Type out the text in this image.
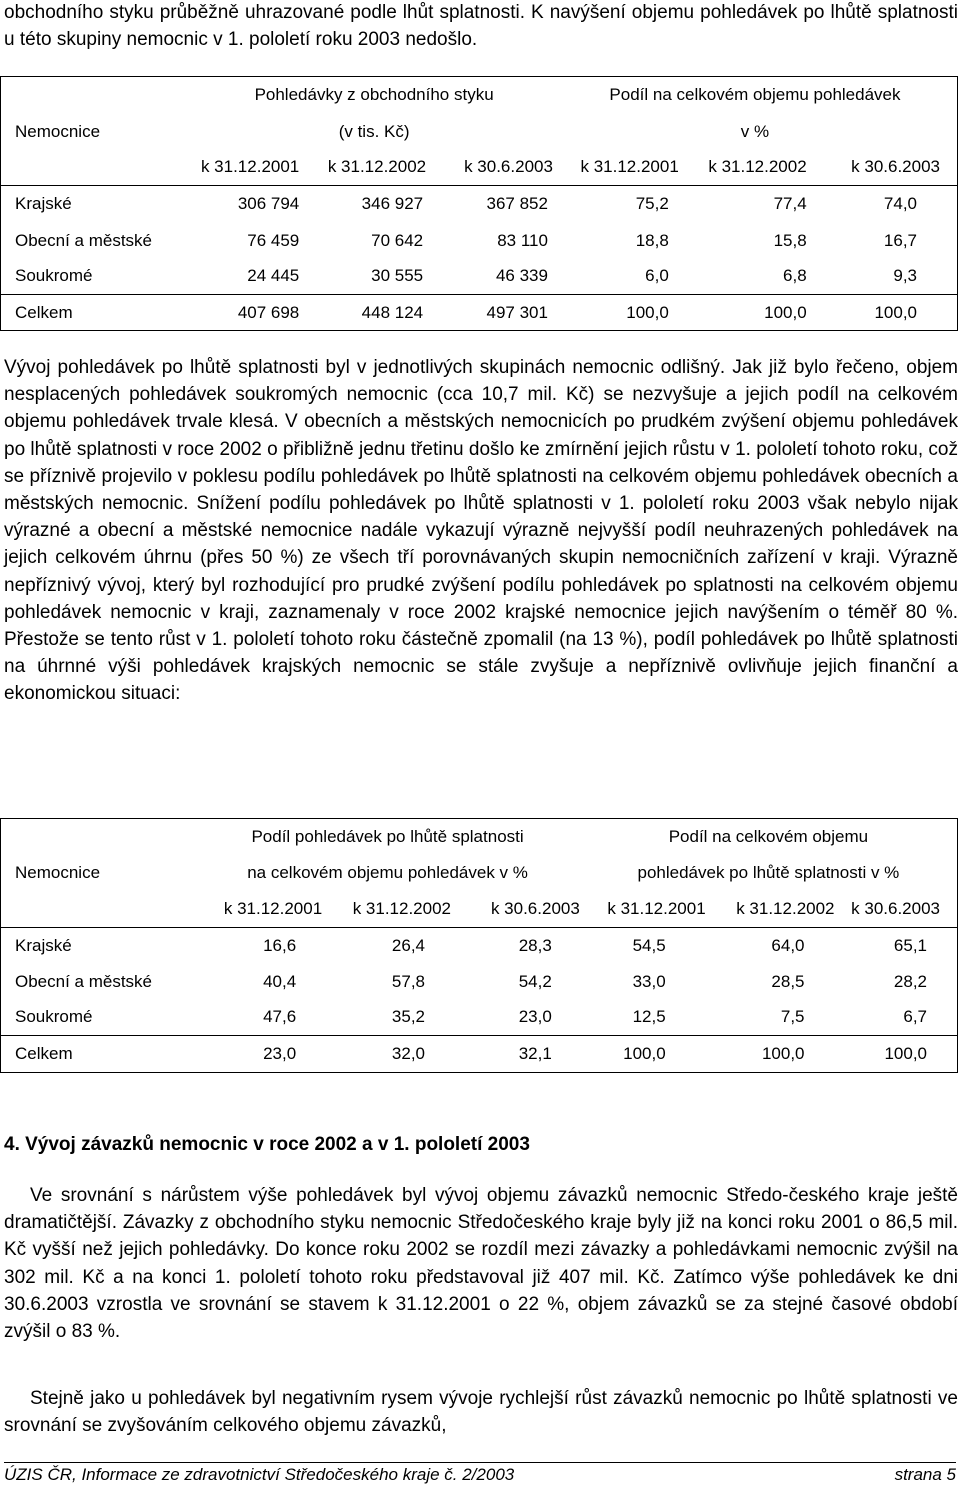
obchodního styku průběžně uhrazované podle lhůt splatnosti. K navýšení objemu pohledávek po lhůtě splatnosti u této skupiny nemocnic v 1. pololetí roku 2003 nedošlo.

	Pohledávky z obchodního styku			Podíl na celkovém objemu pohledávek		
Nemocnice	(v tis. Kč)			v %		
	k 31.12.2001	k 31.12.2002	k 30.6.2003	k 31.12.2001	k 31.12.2002	k 30.6.2003
Krajské	306 794	346 927	367 852	75,2	77,4	74,0
Obecní a městské	76 459	70 642	83 110	18,8	15,8	16,7
Soukromé	24 445	30 555	46 339	6,0	6,8	9,3
Celkem	407 698	448 124	497 301	100,0	100,0	100,0

Vývoj pohledávek po lhůtě splatnosti byl v jednotlivých skupinách nemocnic odlišný. Jak již bylo řečeno, objem nesplacených pohledávek soukromých nemocnic (cca 10,7 mil. Kč) se nezvyšuje a jejich podíl na celkovém objemu pohledávek trvale klesá. V obecních a městských nemocnicích po prudkém zvýšení objemu pohledávek po lhůtě splatnosti v roce 2002 o přibližně jednu třetinu došlo ke zmírnění jejich růstu v 1. pololetí tohoto roku, což se příznivě projevilo v poklesu podílu pohledávek po lhůtě splatnosti na celkovém objemu pohledávek obecních a městských nemocnic. Snížení podílu pohledávek po lhůtě splatnosti v 1. pololetí roku 2003 však nebylo nijak výrazné a obecní a městské nemocnice nadále vykazují výrazně nejvyšší podíl neuhrazených pohledávek na jejich celkovém úhrnu (přes 50 %) ze všech tří porovnávaných skupin nemocničních zařízení v kraji. Výrazně nepříznivý vývoj, který byl rozhodující pro prudké zvýšení podílu pohledávek po splatnosti na celkovém objemu pohledávek nemocnic v kraji, zaznamenaly v roce 2002 krajské nemocnice jejich navýšením o téměř 80 %. Přestože se tento růst v 1. pololetí tohoto roku částečně zpomalil (na 13 %), podíl pohledávek po lhůtě splatnosti na úhrnné výši pohledávek krajských nemocnic se stále zvyšuje a nepříznivě ovlivňuje jejich finanční a ekonomickou situaci:

	Podíl pohledávek po lhůtě splatnosti			Podíl na celkovém objemu		
Nemocnice	na celkovém objemu pohledávek v %			pohledávek po lhůtě splatnosti v %		
	k 31.12.2001	k 31.12.2002	k 30.6.2003	k 31.12.2001	k 31.12.2002	k 30.6.2003
Krajské	16,6	26,4	28,3	54,5	64,0	65,1
Obecní a městské	40,4	57,8	54,2	33,0	28,5	28,2
Soukromé	47,6	35,2	23,0	12,5	7,5	6,7
Celkem	23,0	32,0	32,1	100,0	100,0	100,0
4. Vývoj závazků nemocnic v roce 2002 a v 1. pololetí 2003

Ve srovnání s nárůstem výše pohledávek byl vývoj objemu závazků nemocnic Středo-českého kraje ještě dramatičtější. Závazky z obchodního styku nemocnic Středočeského kraje byly již na konci roku 2001 o 86,5 mil. Kč vyšší než jejich pohledávky. Do konce roku 2002 se rozdíl mezi závazky a pohledávkami nemocnic zvýšil na 302 mil. Kč a na konci 1. pololetí tohoto roku představoval již 407 mil. Kč. Zatímco výše pohledávek ke dni 30.6.2003 vzrostla ve srovnání se stavem k 31.12.2001 o 22 %, objem závazků se za stejné časové období zvýšil o 83 %.

Stejně jako u pohledávek byl negativním rysem vývoje rychlejší růst závazků nemocnic po lhůtě splatnosti ve srovnání se zvyšováním celkového objemu závazků,

ÚZIS ČR, Informace ze zdravotnictví Středočeského kraje č. 2/2003	strana 5
